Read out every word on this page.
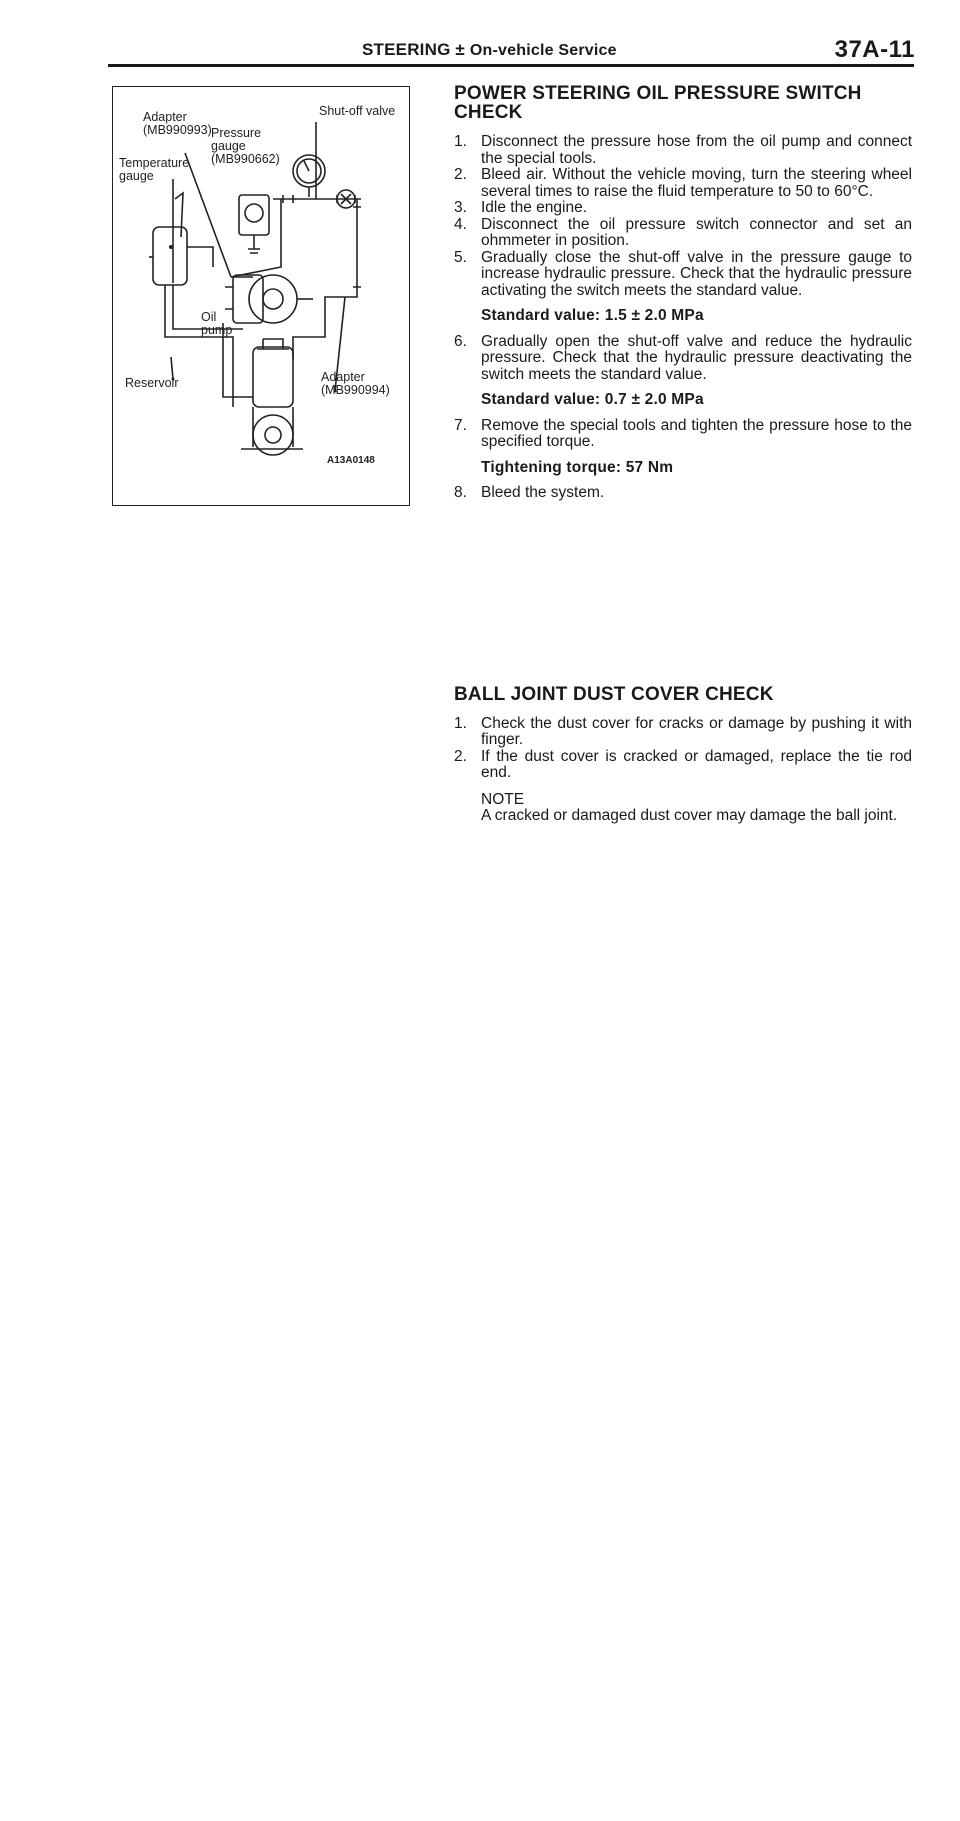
STEERING ± On-vehicle Service	37A-11
Adapter
(MB990993) Pressure
gauge
(MB990662)
Shut-off valve
Temperature
gauge
Oil
pump
Reservoir	Adapter
(MB990994)
A13A0148
POWER STEERING OIL PRESSURE SWITCH CHECK
1. Disconnect the pressure hose from the oil pump and connect the special tools.
2. Bleed air. Without the vehicle moving, turn the steering wheel several times to raise the fluid temperature to 50 to 60°C.
3. Idle the engine.
4. Disconnect the oil pressure switch connector and set an ohmmeter in position.
5. Gradually close the shut-off valve in the pressure gauge to increase hydraulic pressure. Check that the hydraulic pressure activating the switch meets the standard value.
Standard value: 1.5 ± 2.0 MPa
6. Gradually open the shut-off valve and reduce the hydraulic pressure. Check that the hydraulic pressure deactivating the switch meets the standard value.
Standard value: 0.7 ± 2.0 MPa
7. Remove the special tools and tighten the pressure hose to the specified torque.
Tightening torque: 57 Nm
8. Bleed the system.
BALL JOINT DUST COVER CHECK
1. Check the dust cover for cracks or damage by pushing it with finger.
2. If the dust cover is cracked or damaged, replace the tie rod end.
NOTE
A cracked or damaged dust cover may damage the ball joint.
